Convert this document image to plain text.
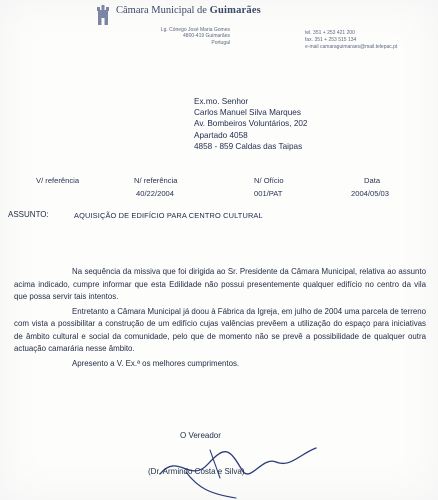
Câmara Municipal de Guimarães
Lg. Cónego José Maria Gomes
4800-419 Guimarães
Portugal
tel. 351 + 253 421 200
fax. 351 + 253 515 134
e-mail camaraguimaraes@mail.telepac.pt
Ex.mo. Senhor
Carlos Manuel Silva Marques
Av. Bombeiros Voluntários, 202
Apartado 4058
4858 - 859 Caldas das Taipas
V/ referência	N/ referência
40/22/2004
N/ Ofício
001/PAT
Data
2004/05/03
ASSUNTO:	AQUISIÇÃO DE EDIFÍCIO PARA CENTRO CULTURAL

Na sequência da missiva que foi dirigida ao Sr. Presidente da Câmara Municipal, relativa ao assunto acima indicado, cumpre informar que esta Edilidade não possui presentemente qualquer edifício no centro da vila que possa servir tais intentos.

Entretanto a Câmara Municipal já doou à Fábrica da Igreja, em julho de 2004 uma parcela de terreno com vista a possibilitar a construção de um edifício cujas valências prevêem a utilização do espaço para iniciativas de âmbito cultural e social da comunidade, pelo que de momento não se prevê a possibilidade de qualquer outra actuação camarária nesse âmbito.

Apresento a V. Ex.ª os melhores cumprimentos.

O Vereador
(Dr. Armindo Costa e Silva)
